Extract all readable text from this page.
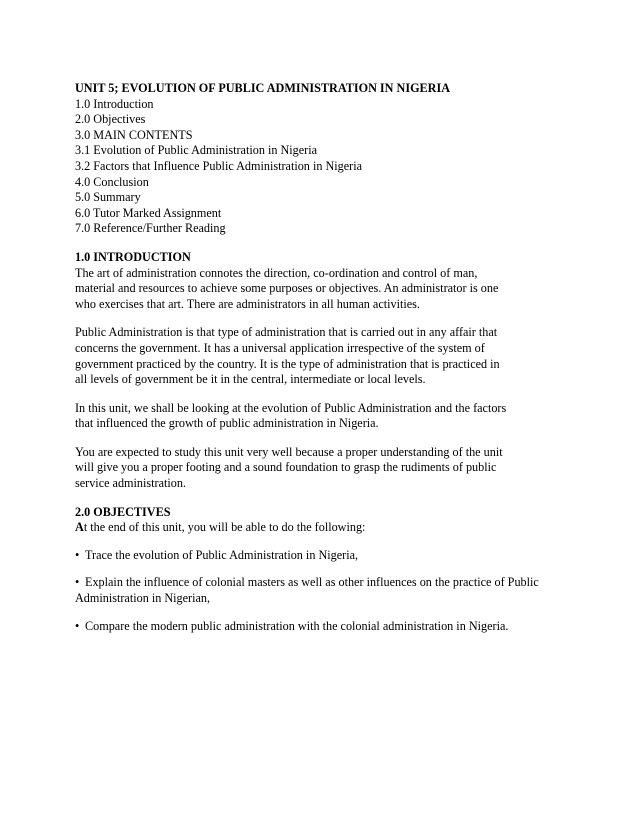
UNIT 5; EVOLUTION OF PUBLIC ADMINISTRATION IN NIGERIA
1.0 Introduction
2.0 Objectives
3.0 MAIN CONTENTS
3.1 Evolution of Public Administration in Nigeria
3.2 Factors that Influence Public Administration in Nigeria
4.0 Conclusion
5.0 Summary
6.0 Tutor Marked Assignment
7.0 Reference/Further Reading
1.0 INTRODUCTION
The art of administration connotes the direction, co-ordination and control of man,
material and resources to achieve some purposes or objectives. An administrator is one
who exercises that art. There are administrators in all human activities.
Public Administration is that type of administration that is carried out in any affair that
concerns the government. It has a universal application irrespective of the system of
government practiced by the country. It is the type of administration that is practiced in
all levels of government be it in the central, intermediate or local levels.
In this unit, we shall be looking at the evolution of Public Administration and the factors
that influenced the growth of public administration in Nigeria.
You are expected to study this unit very well because a proper understanding of the unit
will give you a proper footing and a sound foundation to grasp the rudiments of public
service administration.
2.0 OBJECTIVES
At the end of this unit, you will be able to do the following:
• Trace the evolution of Public Administration in Nigeria,
• Explain the influence of colonial masters as well as other influences on the practice of Public
Administration in Nigerian,
• Compare the modern public administration with the colonial administration in Nigeria.
